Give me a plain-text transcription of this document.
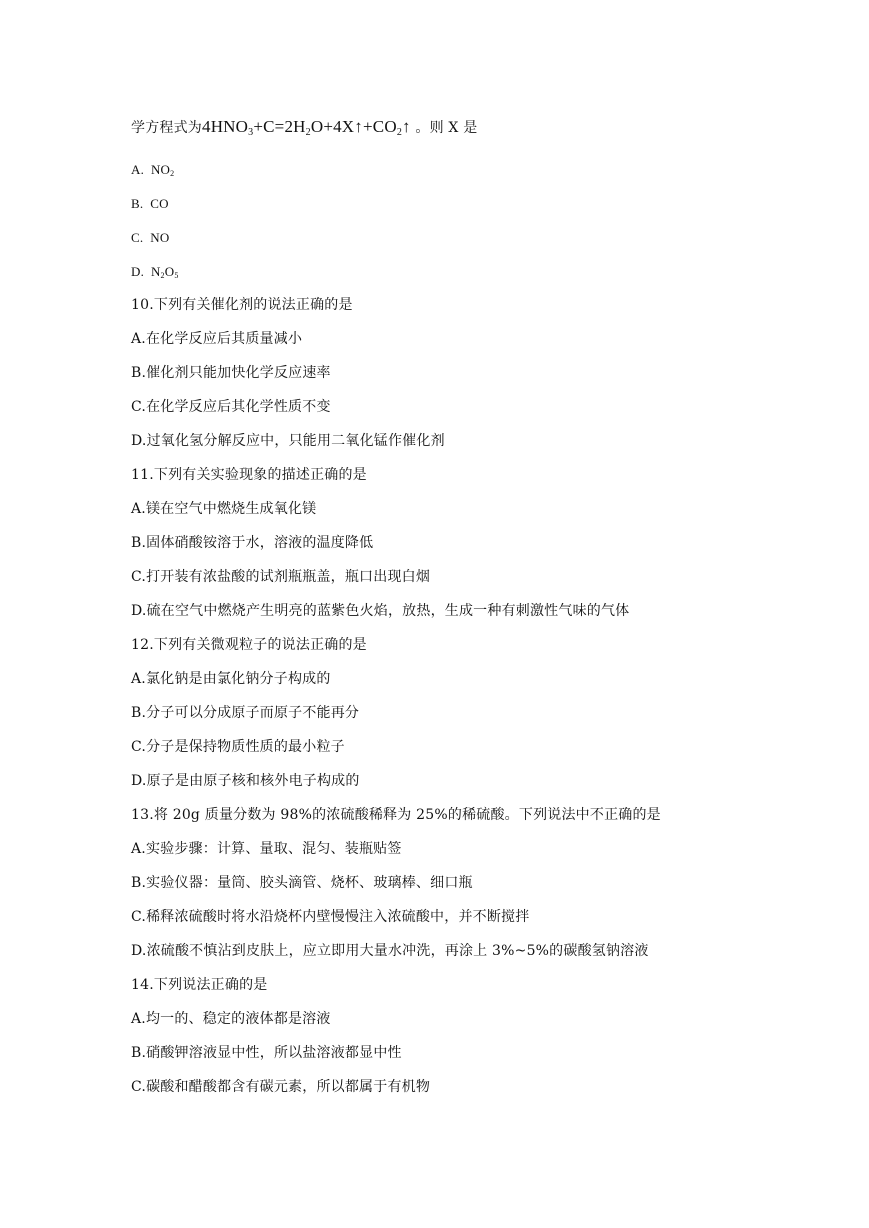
学方程式为$4HNO_3+C=2H_2O+4X↑+CO_2↑$ 。则 X 是
A. $NO_2$
B. CO
C. NO
D. $N_2O_5$
10.下列有关催化剂的说法正确的是
A.在化学反应后其质量减小
B.催化剂只能加快化学反应速率
C.在化学反应后其化学性质不变
D.过氧化氢分解反应中，只能用二氧化锰作催化剂
11.下列有关实验现象的描述正确的是
A.镁在空气中燃烧生成氧化镁
B.固体硝酸铵溶于水，溶液的温度降低
C.打开装有浓盐酸的试剂瓶瓶盖，瓶口出现白烟
D.硫在空气中燃烧产生明亮的蓝紫色火焰，放热，生成一种有刺激性气味的气体
12.下列有关微观粒子的说法正确的是
A.氯化钠是由氯化钠分子构成的
B.分子可以分成原子而原子不能再分
C.分子是保持物质性质的最小粒子
D.原子是由原子核和核外电子构成的
13.将 20g 质量分数为 98%的浓硫酸稀释为 25%的稀硫酸。下列说法中不正确的是
A.实验步骤：计算、量取、混匀、装瓶贴签
B.实验仪器：量筒、胶头滴管、烧杯、玻璃棒、细口瓶
C.稀释浓硫酸时将水沿烧杯内壁慢慢注入浓硫酸中，并不断搅拌
D.浓硫酸不慎沾到皮肤上，应立即用大量水冲洗，再涂上 3%~5%的碳酸氢钠溶液
14.下列说法正确的是
A.均一的、稳定的液体都是溶液
B.硝酸钾溶液显中性，所以盐溶液都显中性
C.碳酸和醋酸都含有碳元素，所以都属于有机物
